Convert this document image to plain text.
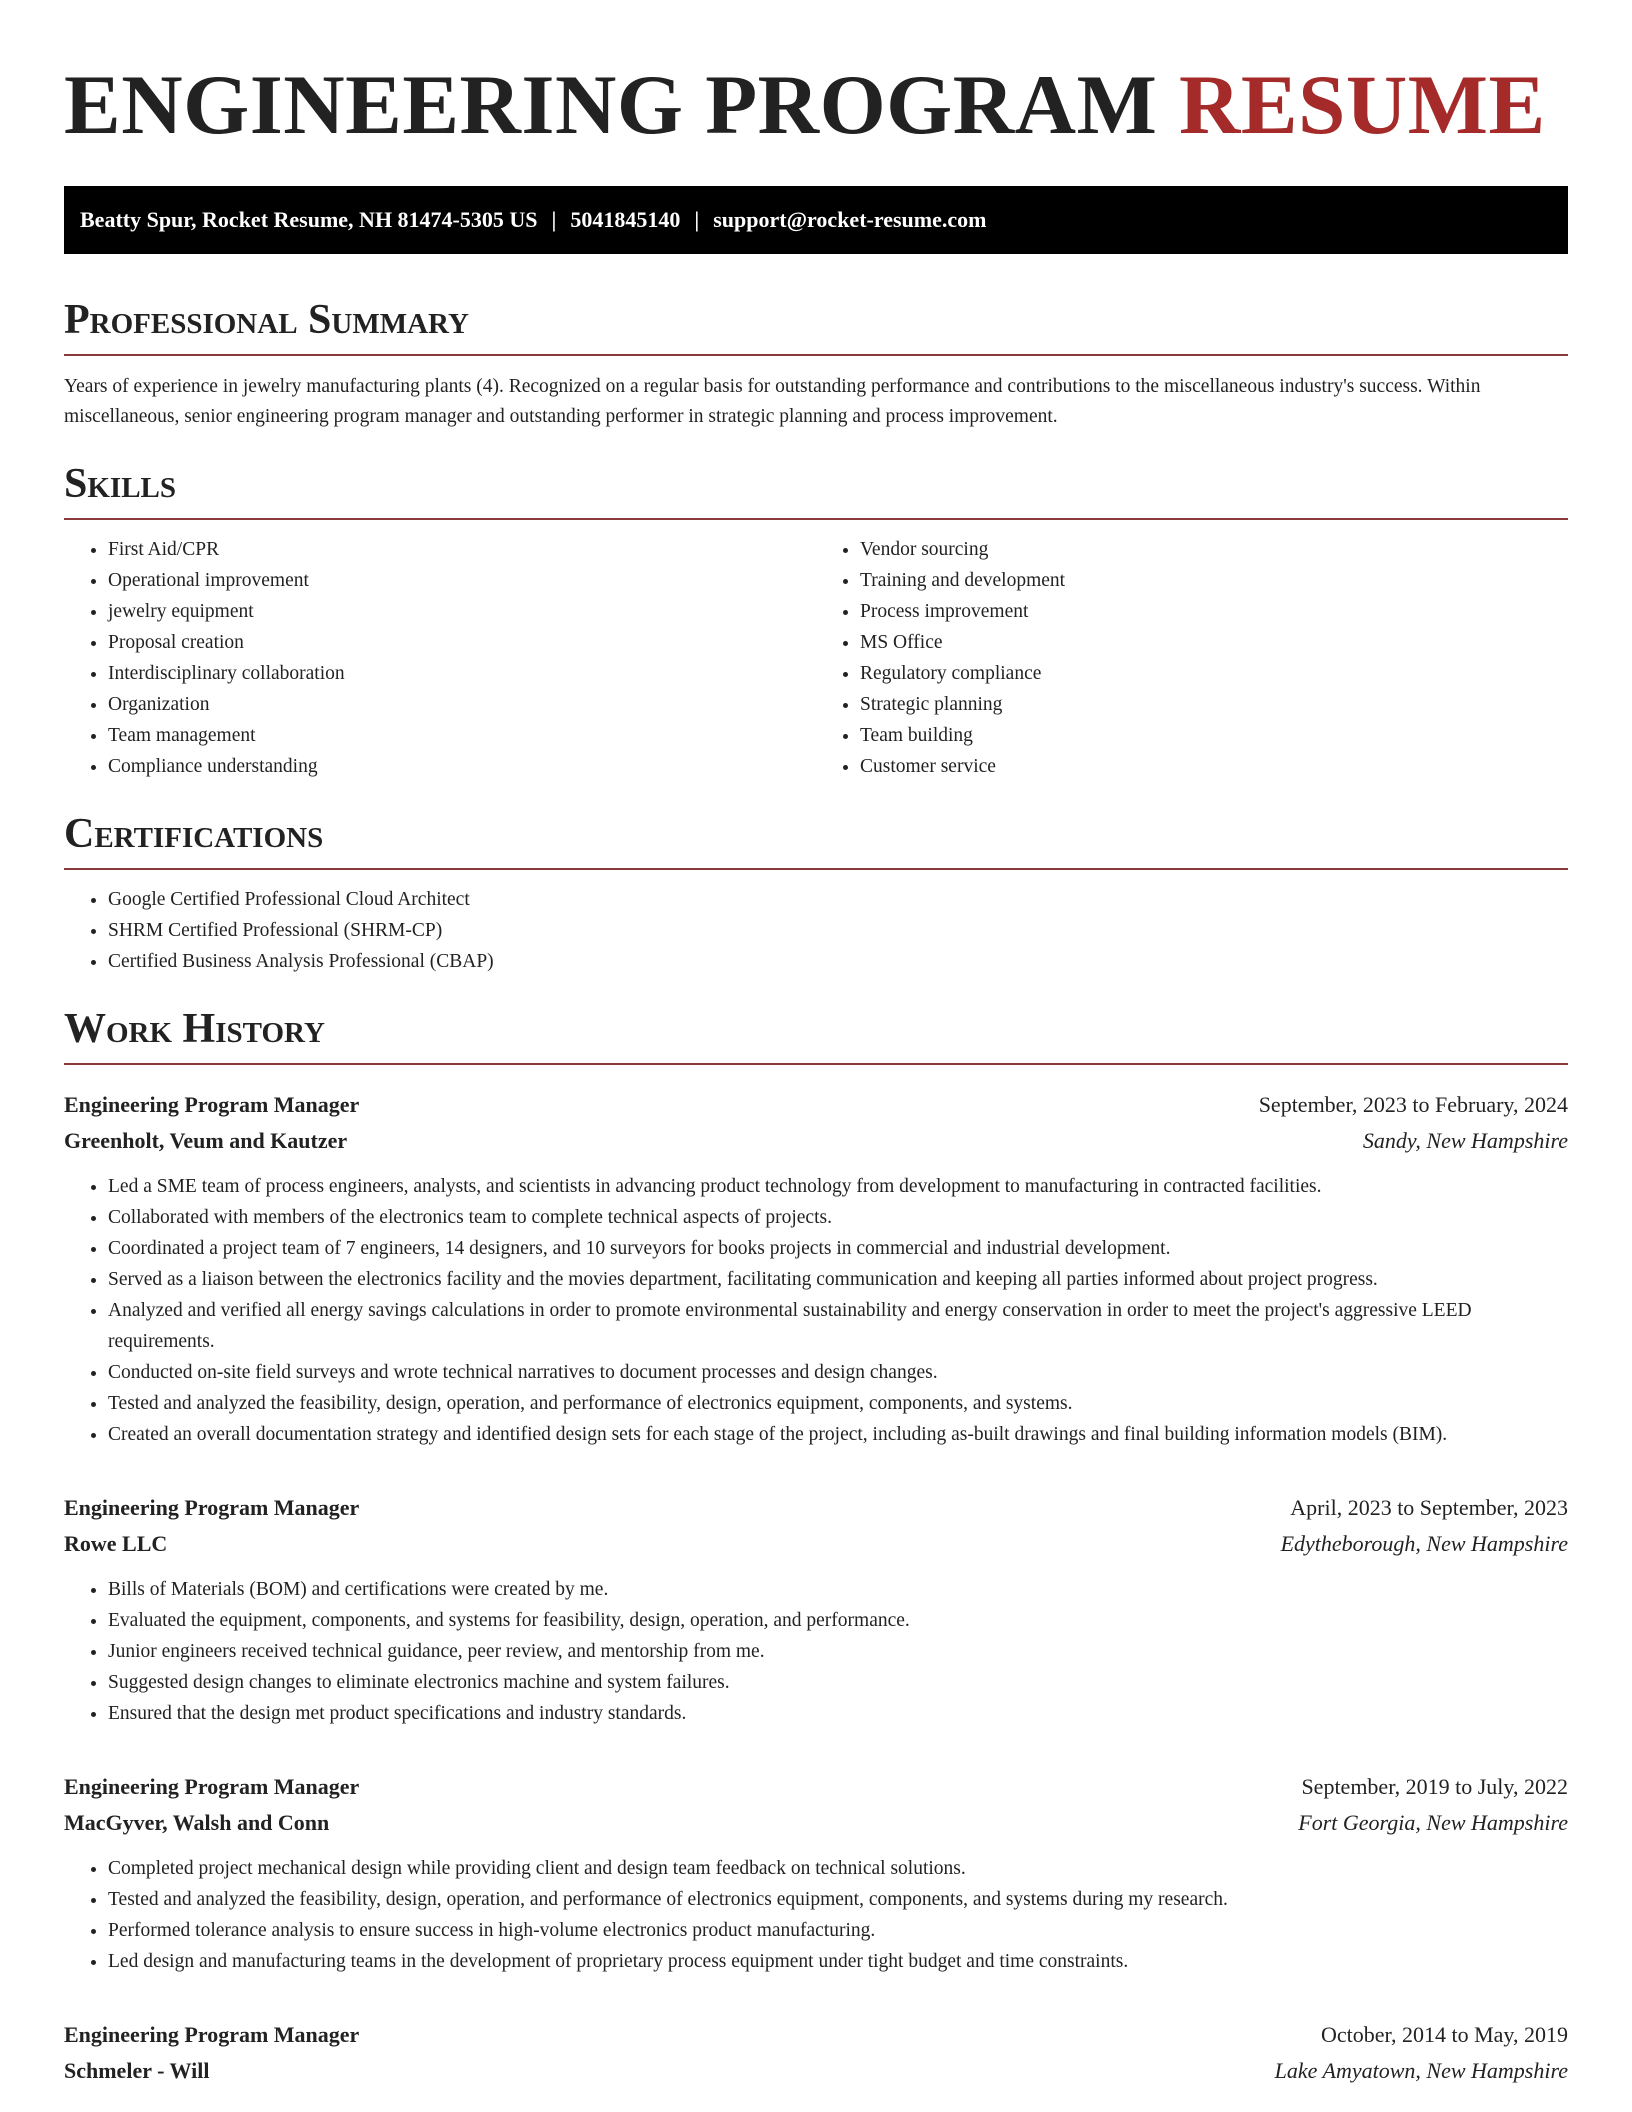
ENGINEERING PROGRAM RESUME
Beatty Spur, Rocket Resume, NH 81474-5305 US | 5041845140 | support@rocket-resume.com
Professional Summary

Years of experience in jewelry manufacturing plants (4). Recognized on a regular basis for outstanding performance and contributions to the miscellaneous industry's success. Within miscellaneous, senior engineering program manager and outstanding performer in strategic planning and process improvement.

Skills
• First Aid/CPR
• Operational improvement
• jewelry equipment
• Proposal creation
• Interdisciplinary collaboration
• Organization
• Team management
• Compliance understanding
• Vendor sourcing
• Training and development
• Process improvement
• MS Office
• Regulatory compliance
• Strategic planning
• Team building
• Customer service
Certifications
• Google Certified Professional Cloud Architect
• SHRM Certified Professional (SHRM-CP)
• Certified Business Analysis Professional (CBAP)
Work History
Engineering Program Manager	September, 2023 to February, 2024
Greenholt, Veum and Kautzer	Sandy, New Hampshire
• Led a SME team of process engineers, analysts, and scientists in advancing product technology from development to manufacturing in contracted facilities.
• Collaborated with members of the electronics team to complete technical aspects of projects.
• Coordinated a project team of 7 engineers, 14 designers, and 10 surveyors for books projects in commercial and industrial development.
• Served as a liaison between the electronics facility and the movies department, facilitating communication and keeping all parties informed about project progress.
• Analyzed and verified all energy savings calculations in order to promote environmental sustainability and energy conservation in order to meet the project's aggressive LEED requirements.
• Conducted on-site field surveys and wrote technical narratives to document processes and design changes.
• Tested and analyzed the feasibility, design, operation, and performance of electronics equipment, components, and systems.
• Created an overall documentation strategy and identified design sets for each stage of the project, including as-built drawings and final building information models (BIM).
Engineering Program Manager	April, 2023 to September, 2023
Rowe LLC	Edytheborough, New Hampshire
• Bills of Materials (BOM) and certifications were created by me.
• Evaluated the equipment, components, and systems for feasibility, design, operation, and performance.
• Junior engineers received technical guidance, peer review, and mentorship from me.
• Suggested design changes to eliminate electronics machine and system failures.
• Ensured that the design met product specifications and industry standards.
Engineering Program Manager	September, 2019 to July, 2022
MacGyver, Walsh and Conn	Fort Georgia, New Hampshire
• Completed project mechanical design while providing client and design team feedback on technical solutions.
• Tested and analyzed the feasibility, design, operation, and performance of electronics equipment, components, and systems during my research.
• Performed tolerance analysis to ensure success in high-volume electronics product manufacturing.
• Led design and manufacturing teams in the development of proprietary process equipment under tight budget and time constraints.
Engineering Program Manager	October, 2014 to May, 2019
Schmeler - Will	Lake Amyatown, New Hampshire
